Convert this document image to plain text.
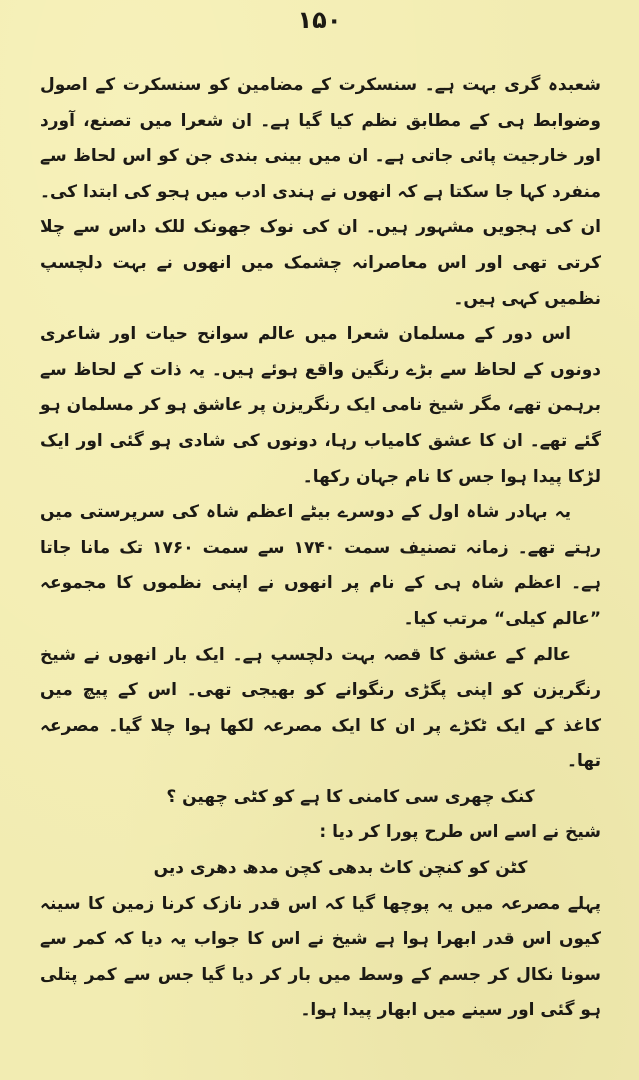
۱۵۰

شعبدہ گری بہت ہے۔ سنسکرت کے مضامین کو سنسکرت کے اصول وضوابط ہی کے مطابق نظم کیا گیا ہے۔ ان شعرا میں تصنع، آورد اور خارجیت پائی جاتی ہے۔ ان میں بینی بندی جن کو اس لحاظ سے منفرد کہا جا سکتا ہے کہ انھوں نے ہندی ادب میں ہجو کی ابتدا کی۔ ان کی ہجویں مشہور ہیں۔ ان کی نوک جھونک للک داس سے چلا کرتی تھی اور اس معاصرانہ چشمک میں انھوں نے بہت دلچسپ نظمیں کہی ہیں۔

اس دور کے مسلمان شعرا میں عالم سوانح حیات اور شاعری دونوں کے لحاظ سے بڑے رنگین واقع ہوئے ہیں۔ یہ ذات کے لحاظ سے برہمن تھے، مگر شیخ نامی ایک رنگریزن پر عاشق ہو کر مسلمان ہو گئے تھے۔ ان کا عشق کامیاب رہا، دونوں کی شادی ہو گئی اور ایک لڑکا پیدا ہوا جس کا نام جہان رکھا۔

یہ بہادر شاہ اول کے دوسرے بیٹے اعظم شاہ کی سرپرستی میں رہتے تھے۔ زمانہ تصنیف سمت ۱۷۴۰ سے سمت ۱۷۶۰ تک مانا جاتا ہے۔ اعظم شاہ ہی کے نام پر انھوں نے اپنی نظموں کا مجموعہ ”عالم کیلی“ مرتب کیا۔

عالم کے عشق کا قصہ بہت دلچسپ ہے۔ ایک بار انھوں نے شیخ رنگریزن کو اپنی پگڑی رنگوانے کو بھیجی تھی۔ اس کے پیچ میں کاغذ کے ایک ٹکڑے پر ان کا ایک مصرعہ لکھا ہوا چلا گیا۔ مصرعہ تھا۔

کنک چھری سی کامنی کا ہے کو کٹی چھین ؟

شیخ نے اسے اس طرح پورا کر دیا :

کٹن کو کنچن کاٹ بدھی کچن مدھ دھری دیں

پہلے مصرعہ میں یہ پوچھا گیا کہ اس قدر نازک کرنا زمین کا سینہ کیوں اس قدر ابھرا ہوا ہے شیخ نے اس کا جواب یہ دیا کہ کمر سے سونا نکال کر جسم کے وسط میں بار کر دیا گیا جس سے کمر پتلی ہو گئی اور سینے میں ابھار پیدا ہوا۔
